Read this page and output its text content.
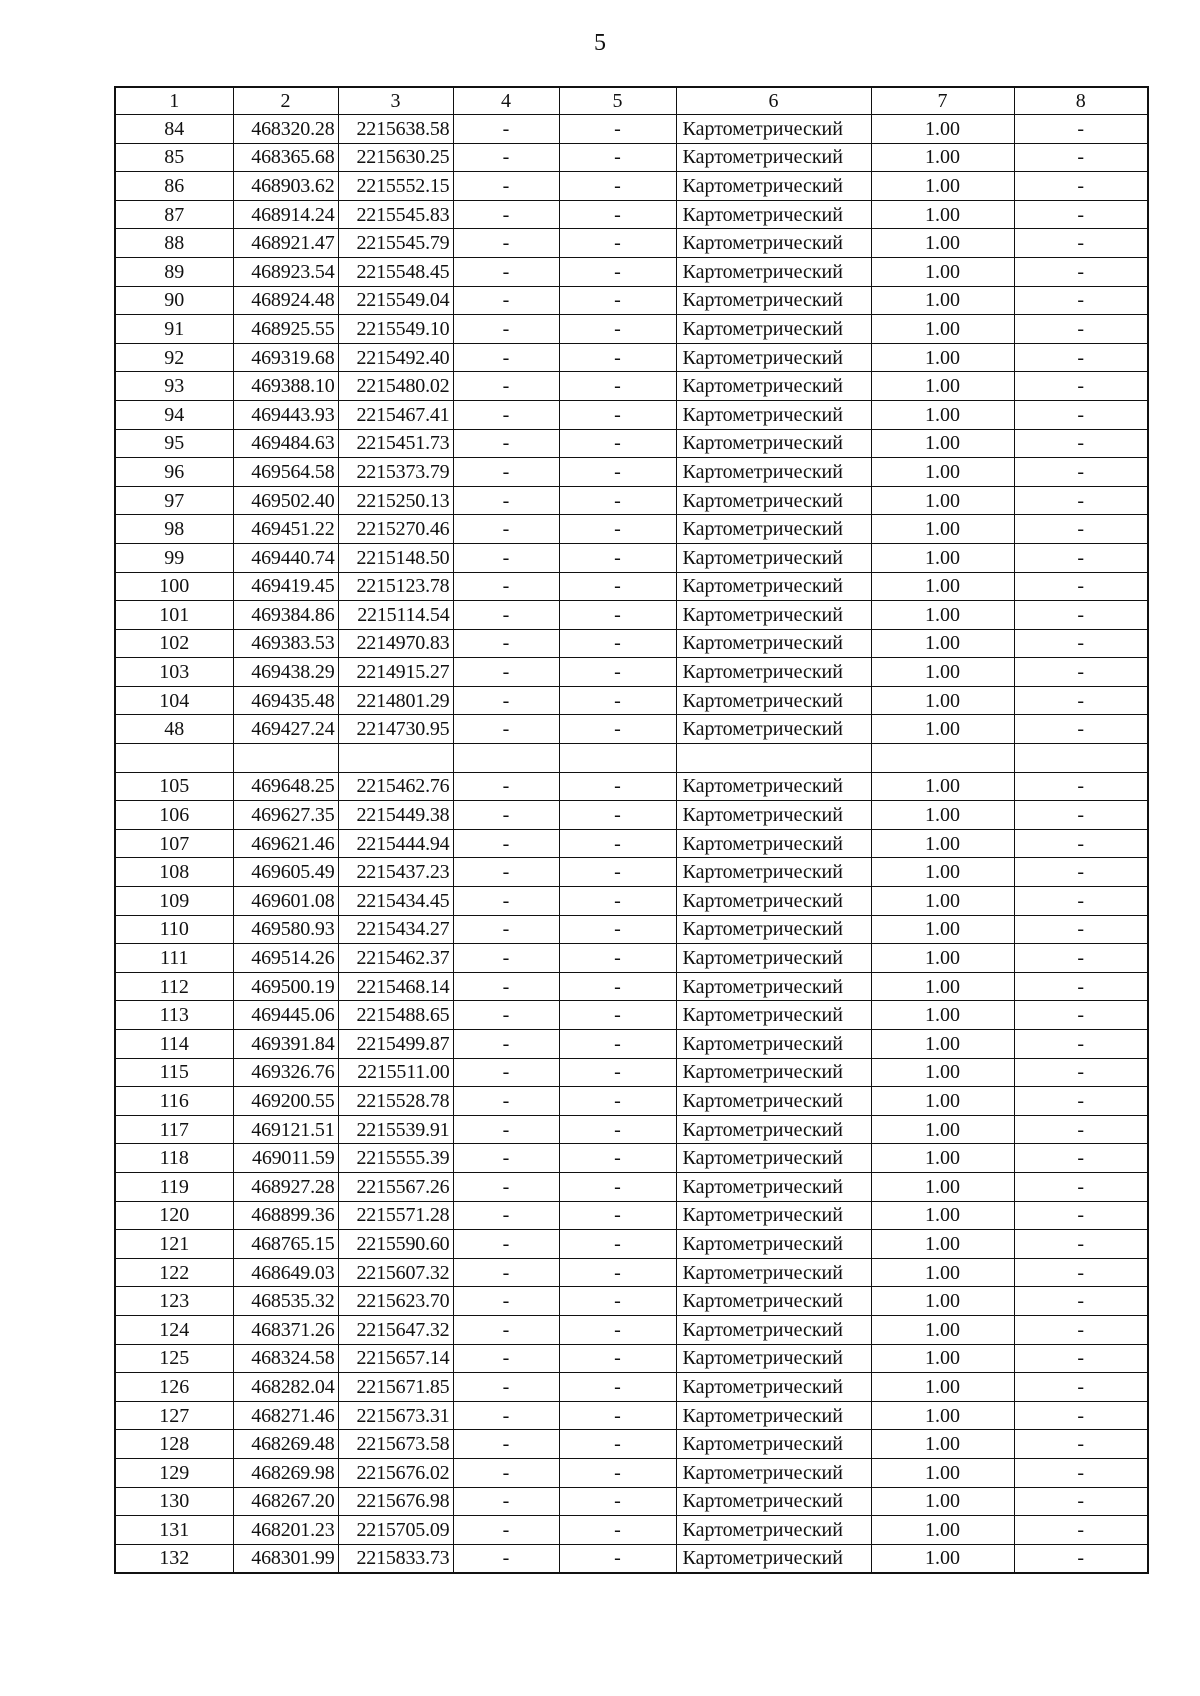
5
1	2	3	4	5	6	7	8
84	468320.28	2215638.58	-	-	Картометрический	1.00	-
85	468365.68	2215630.25	-	-	Картометрический	1.00	-
86	468903.62	2215552.15	-	-	Картометрический	1.00	-
87	468914.24	2215545.83	-	-	Картометрический	1.00	-
88	468921.47	2215545.79	-	-	Картометрический	1.00	-
89	468923.54	2215548.45	-	-	Картометрический	1.00	-
90	468924.48	2215549.04	-	-	Картометрический	1.00	-
91	468925.55	2215549.10	-	-	Картометрический	1.00	-
92	469319.68	2215492.40	-	-	Картометрический	1.00	-
93	469388.10	2215480.02	-	-	Картометрический	1.00	-
94	469443.93	2215467.41	-	-	Картометрический	1.00	-
95	469484.63	2215451.73	-	-	Картометрический	1.00	-
96	469564.58	2215373.79	-	-	Картометрический	1.00	-
97	469502.40	2215250.13	-	-	Картометрический	1.00	-
98	469451.22	2215270.46	-	-	Картометрический	1.00	-
99	469440.74	2215148.50	-	-	Картометрический	1.00	-
100	469419.45	2215123.78	-	-	Картометрический	1.00	-
101	469384.86	2215114.54	-	-	Картометрический	1.00	-
102	469383.53	2214970.83	-	-	Картометрический	1.00	-
103	469438.29	2214915.27	-	-	Картометрический	1.00	-
104	469435.48	2214801.29	-	-	Картометрический	1.00	-
48	469427.24	2214730.95	-	-	Картометрический	1.00	-

105	469648.25	2215462.76	-	-	Картометрический	1.00	-
106	469627.35	2215449.38	-	-	Картометрический	1.00	-
107	469621.46	2215444.94	-	-	Картометрический	1.00	-
108	469605.49	2215437.23	-	-	Картометрический	1.00	-
109	469601.08	2215434.45	-	-	Картометрический	1.00	-
110	469580.93	2215434.27	-	-	Картометрический	1.00	-
111	469514.26	2215462.37	-	-	Картометрический	1.00	-
112	469500.19	2215468.14	-	-	Картометрический	1.00	-
113	469445.06	2215488.65	-	-	Картометрический	1.00	-
114	469391.84	2215499.87	-	-	Картометрический	1.00	-
115	469326.76	2215511.00	-	-	Картометрический	1.00	-
116	469200.55	2215528.78	-	-	Картометрический	1.00	-
117	469121.51	2215539.91	-	-	Картометрический	1.00	-
118	469011.59	2215555.39	-	-	Картометрический	1.00	-
119	468927.28	2215567.26	-	-	Картометрический	1.00	-
120	468899.36	2215571.28	-	-	Картометрический	1.00	-
121	468765.15	2215590.60	-	-	Картометрический	1.00	-
122	468649.03	2215607.32	-	-	Картометрический	1.00	-
123	468535.32	2215623.70	-	-	Картометрический	1.00	-
124	468371.26	2215647.32	-	-	Картометрический	1.00	-
125	468324.58	2215657.14	-	-	Картометрический	1.00	-
126	468282.04	2215671.85	-	-	Картометрический	1.00	-
127	468271.46	2215673.31	-	-	Картометрический	1.00	-
128	468269.48	2215673.58	-	-	Картометрический	1.00	-
129	468269.98	2215676.02	-	-	Картометрический	1.00	-
130	468267.20	2215676.98	-	-	Картометрический	1.00	-
131	468201.23	2215705.09	-	-	Картометрический	1.00	-
132	468301.99	2215833.73	-	-	Картометрический	1.00	-
